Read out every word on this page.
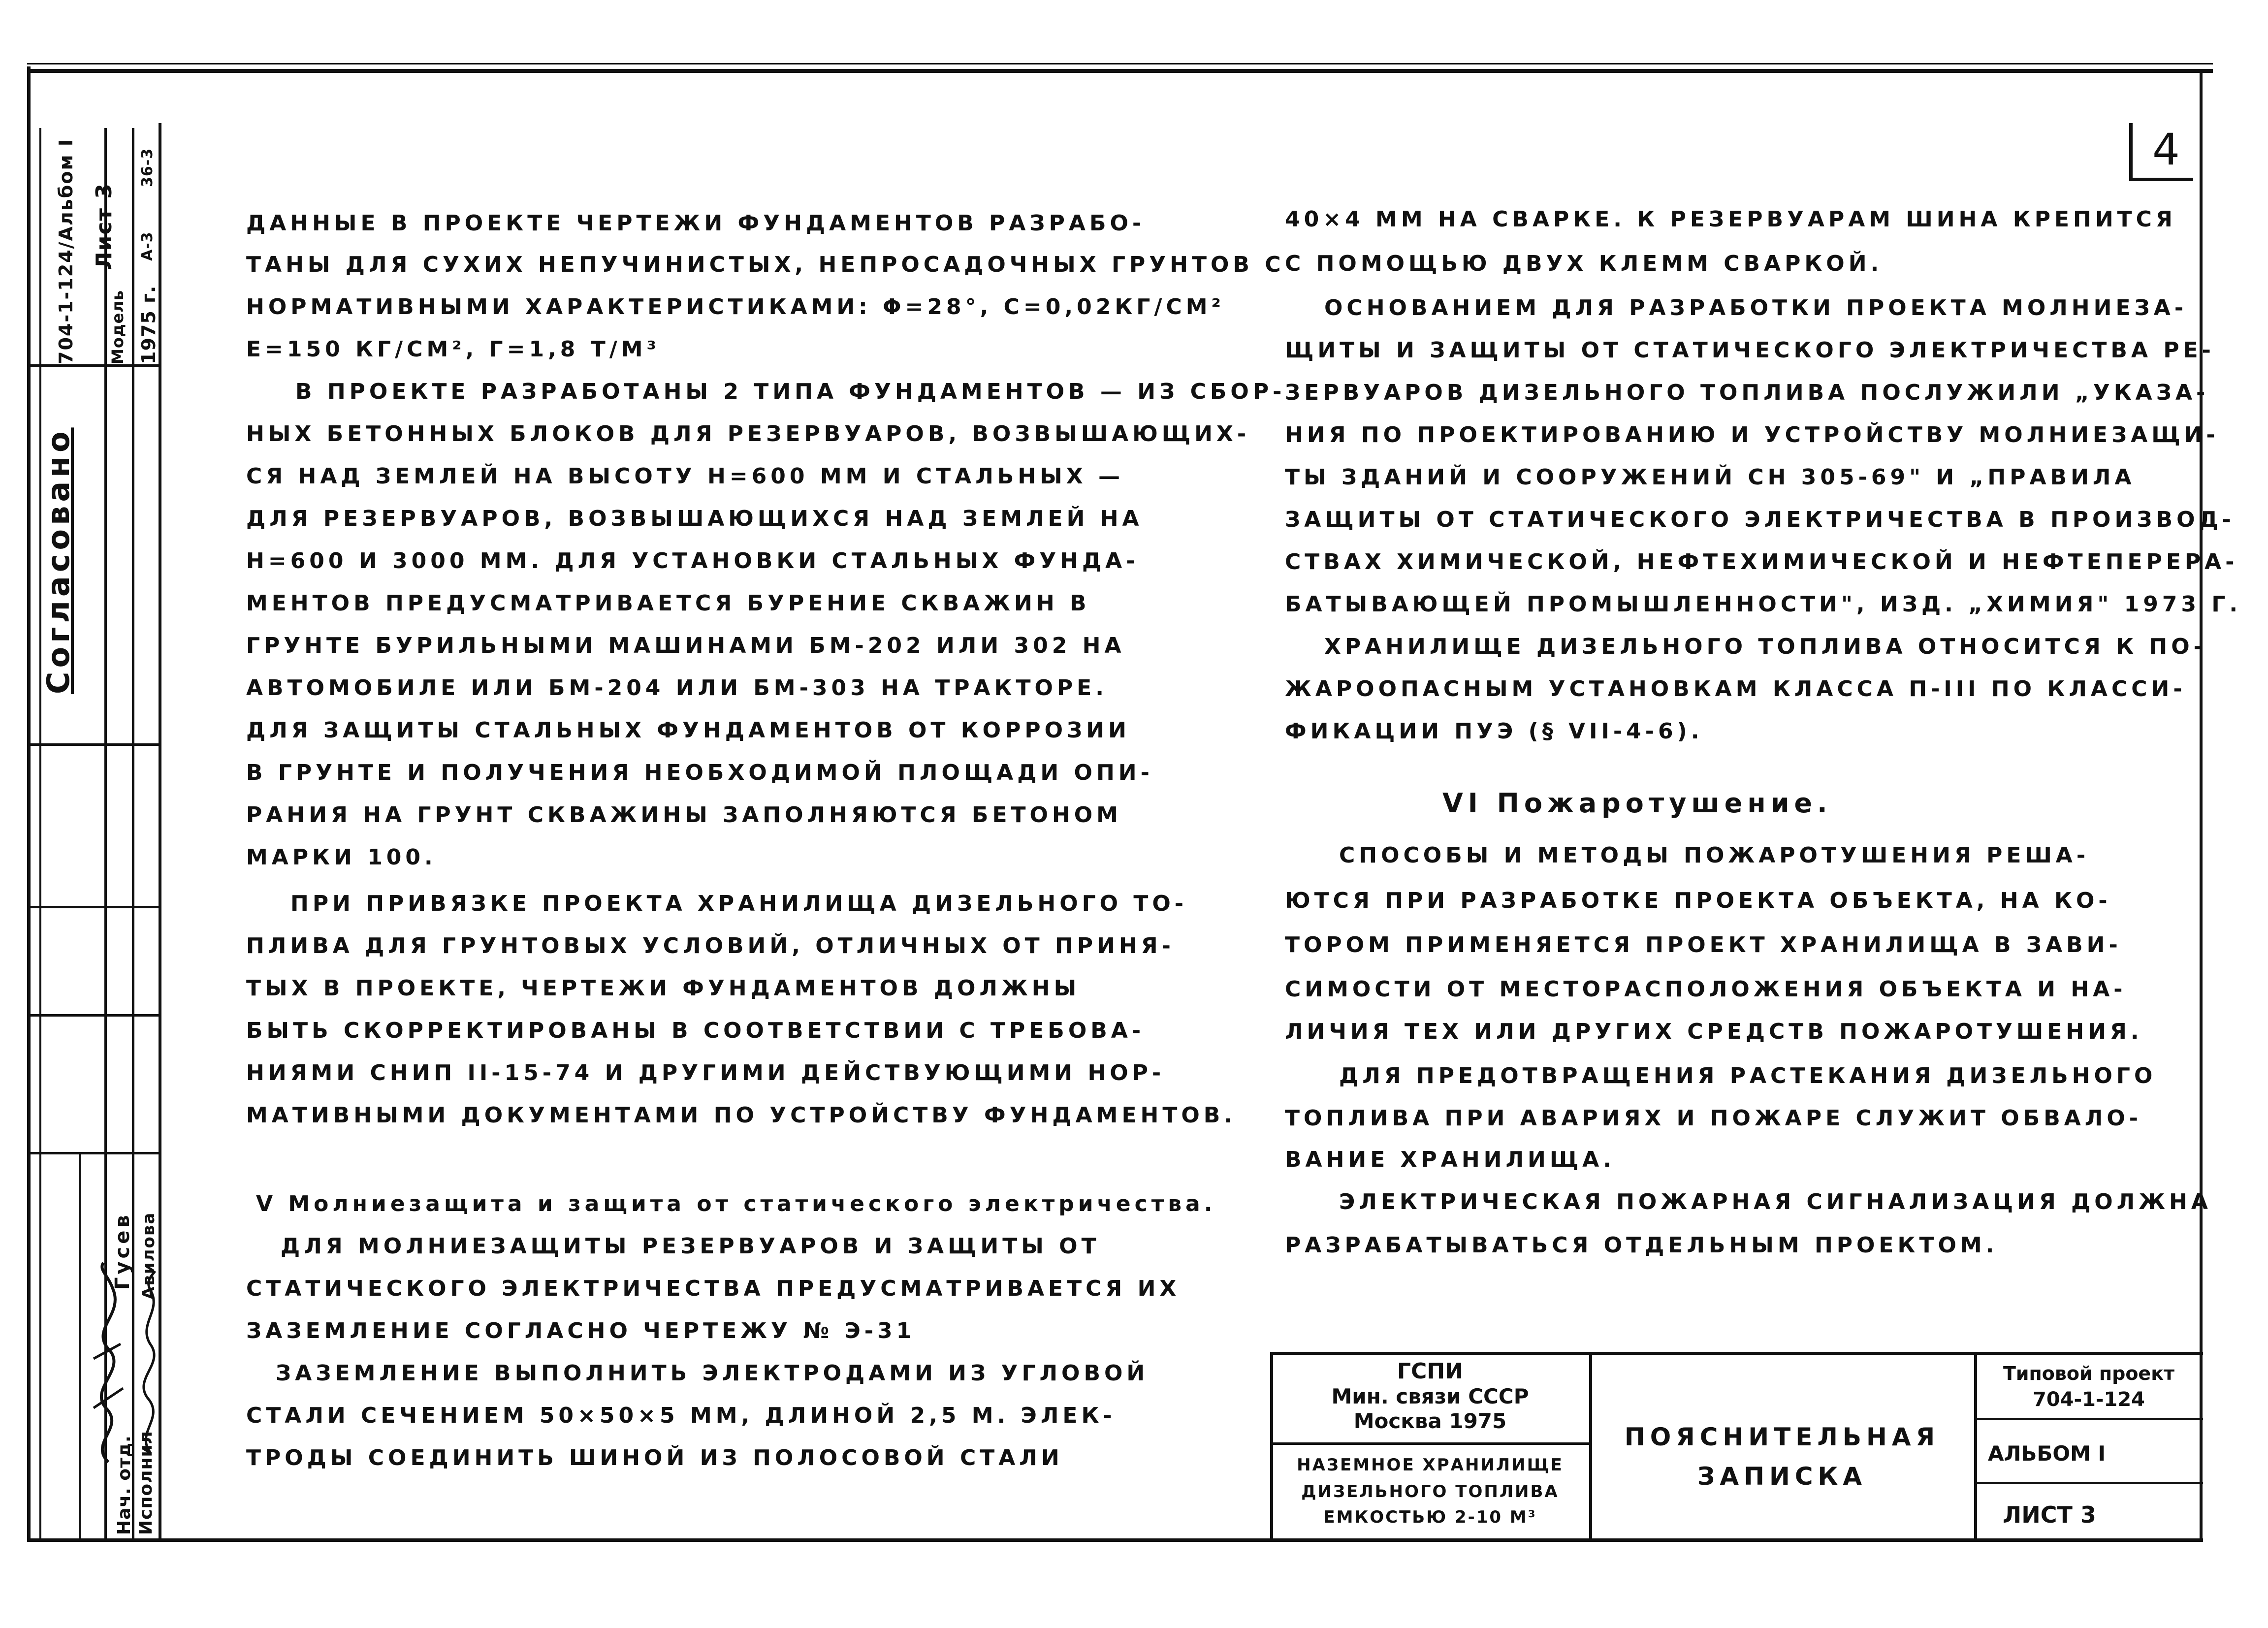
4
Согласовано
704-1-124/Альбом I Лист 3
Модель 1975 г.
А-3
36-3
Нач. отд. Исполнил
Гусев Авилова
ДАННЫЕ В ПРОЕКТЕ ЧЕРТЕЖИ ФУНДАМЕНТОВ РАЗРАБО-
ТАНЫ ДЛЯ СУХИХ НЕПУЧИНИСТЫХ, НЕПРОСАДОЧНЫХ ГРУНТОВ С
НОРМАТИВНЫМИ ХАРАКТЕРИСТИКАМИ: Φ=28°, С=0,02КГ/СМ²
Е=150 КГ/СМ², Γ=1,8 Т/М³
В ПРОЕКТЕ РАЗРАБОТАНЫ 2 ТИПА ФУНДАМЕНТОВ — ИЗ СБОР-
НЫХ БЕТОННЫХ БЛОКОВ ДЛЯ РЕЗЕРВУАРОВ, ВОЗВЫШАЮЩИХ-
СЯ НАД ЗЕМЛЕЙ НА ВЫСОТУ H=600 ММ И СТАЛЬНЫХ —
ДЛЯ РЕЗЕРВУАРОВ, ВОЗВЫШАЮЩИХСЯ НАД ЗЕМЛЕЙ НА
H=600 И 3000 ММ. ДЛЯ УСТАНОВКИ СТАЛЬНЫХ ФУНДА-
МЕНТОВ ПРЕДУСМАТРИВАЕТСЯ БУРЕНИЕ СКВАЖИН В
ГРУНТЕ БУРИЛЬНЫМИ МАШИНАМИ БМ-202 ИЛИ 302 НА
АВТОМОБИЛЕ ИЛИ БМ-204 ИЛИ БМ-303 НА ТРАКТОРЕ.
ДЛЯ ЗАЩИТЫ СТАЛЬНЫХ ФУНДАМЕНТОВ ОТ КОРРОЗИИ
В ГРУНТЕ И ПОЛУЧЕНИЯ НЕОБХОДИМОЙ ПЛОЩАДИ ОПИ-
РАНИЯ НА ГРУНТ СКВАЖИНЫ ЗАПОЛНЯЮТСЯ БЕТОНОМ
МАРКИ 100.
ПРИ ПРИВЯЗКЕ ПРОЕКТА ХРАНИЛИЩА ДИЗЕЛЬНОГО ТО-
ПЛИВА ДЛЯ ГРУНТОВЫХ УСЛОВИЙ, ОТЛИЧНЫХ ОТ ПРИНЯ-
ТЫХ В ПРОЕКТЕ, ЧЕРТЕЖИ ФУНДАМЕНТОВ ДОЛЖНЫ
БЫТЬ СКОРРЕКТИРОВАНЫ В СООТВЕТСТВИИ С ТРЕБОВА-
НИЯМИ СНИП II-15-74 И ДРУГИМИ ДЕЙСТВУЮЩИМИ НОР-
МАТИВНЫМИ ДОКУМЕНТАМИ ПО УСТРОЙСТВУ ФУНДАМЕНТОВ.
V Молниезащита и защита от статического электричества.
ДЛЯ МОЛНИЕЗАЩИТЫ РЕЗЕРВУАРОВ И ЗАЩИТЫ ОТ
СТАТИЧЕСКОГО ЭЛЕКТРИЧЕСТВА ПРЕДУСМАТРИВАЕТСЯ ИХ
ЗАЗЕМЛЕНИЕ СОГЛАСНО ЧЕРТЕЖУ № Э-31
ЗАЗЕМЛЕНИЕ ВЫПОЛНИТЬ ЭЛЕКТРОДАМИ ИЗ УГЛОВОЙ
СТАЛИ СЕЧЕНИЕМ 50×50×5 ММ, ДЛИНОЙ 2,5 М. ЭЛЕК-
ТРОДЫ СОЕДИНИТЬ ШИНОЙ ИЗ ПОЛОСОВОЙ СТАЛИ
40×4 ММ НА СВАРКЕ. К РЕЗЕРВУАРАМ ШИНА КРЕПИТСЯ
С ПОМОЩЬЮ ДВУХ КЛЕММ СВАРКОЙ.
ОСНОВАНИЕМ ДЛЯ РАЗРАБОТКИ ПРОЕКТА МОЛНИЕЗА-
ЩИТЫ И ЗАЩИТЫ ОТ СТАТИЧЕСКОГО ЭЛЕКТРИЧЕСТВА РЕ-
ЗЕРВУАРОВ ДИЗЕЛЬНОГО ТОПЛИВА ПОСЛУЖИЛИ „УКАЗА-
НИЯ ПО ПРОЕКТИРОВАНИЮ И УСТРОЙСТВУ МОЛНИЕЗАЩИ-
ТЫ ЗДАНИЙ И СООРУЖЕНИЙ СН 305-69" И „ПРАВИЛА
ЗАЩИТЫ ОТ СТАТИЧЕСКОГО ЭЛЕКТРИЧЕСТВА В ПРОИЗВОД-
СТВАХ ХИМИЧЕСКОЙ, НЕФТЕХИМИЧЕСКОЙ И НЕФТЕПЕРЕРА-
БАТЫВАЮЩЕЙ ПРОМЫШЛЕННОСТИ", ИЗД. „ХИМИЯ" 1973 Г.
ХРАНИЛИЩЕ ДИЗЕЛЬНОГО ТОПЛИВА ОТНОСИТСЯ К ПО-
ЖАРООПАСНЫМ УСТАНОВКАМ КЛАССА П-III ПО КЛАССИ-
ФИКАЦИИ ПУЭ (§ VII-4-6).
VI Пожаротушение.
СПОСОБЫ И МЕТОДЫ ПОЖАРОТУШЕНИЯ РЕША-
ЮТСЯ ПРИ РАЗРАБОТКЕ ПРОЕКТА ОБЪЕКТА, НА КО-
ТОРОМ ПРИМЕНЯЕТСЯ ПРОЕКТ ХРАНИЛИЩА В ЗАВИ-
СИМОСТИ ОТ МЕСТОРАСПОЛОЖЕНИЯ ОБЪЕКТА И НА-
ЛИЧИЯ ТЕХ ИЛИ ДРУГИХ СРЕДСТВ ПОЖАРОТУШЕНИЯ.
ДЛЯ ПРЕДОТВРАЩЕНИЯ РАСТЕКАНИЯ ДИЗЕЛЬНОГО
ТОПЛИВА ПРИ АВАРИЯХ И ПОЖАРЕ СЛУЖИТ ОБВАЛО-
ВАНИЕ ХРАНИЛИЩА.
ЭЛЕКТРИЧЕСКАЯ ПОЖАРНАЯ СИГНАЛИЗАЦИЯ ДОЛЖНА
РАЗРАБАТЫВАТЬСЯ ОТДЕЛЬНЫМ ПРОЕКТОМ.
ГСПИ
Мин. связи СССР
Москва 1975
НАЗЕМНОЕ ХРАНИЛИЩЕ
ДИЗЕЛЬНОГО ТОПЛИВА
ЕМКОСТЬЮ 2-10 М³
ПОЯСНИТЕЛЬНАЯ
ЗАПИСКА
Типовой проект
704-1-124
АЛЬБОМ I
ЛИСТ 3
